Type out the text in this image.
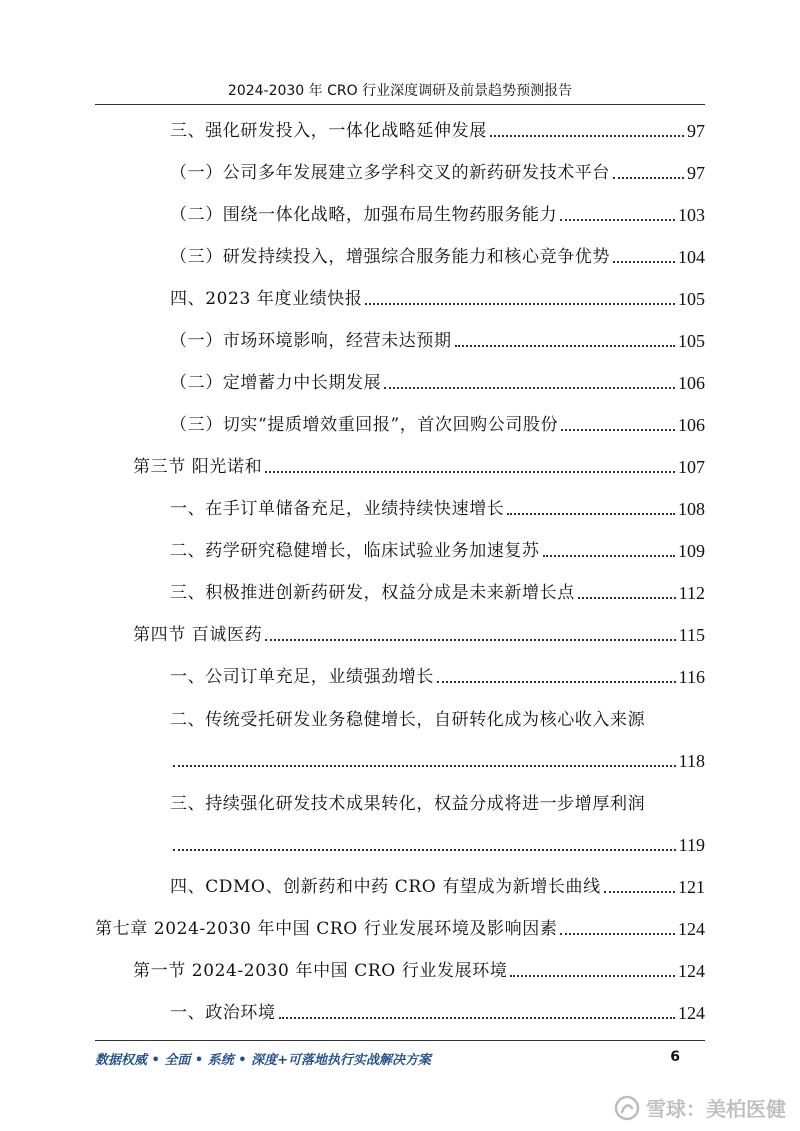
2024-2030 年 CRO 行业深度调研及前景趋势预测报告
三、强化研发投入，一体化战略延伸发展	97
（一）公司多年发展建立多学科交叉的新药研发技术平台	97
（二）围绕一体化战略，加强布局生物药服务能力	103
（三）研发持续投入，增强综合服务能力和核心竞争优势	104
四、2023 年度业绩快报	105
（一）市场环境影响，经营未达预期	105
（二）定增蓄力中长期发展	106
（三）切实“提质增效重回报”，首次回购公司股份	106
第三节 阳光诺和	107
一、在手订单储备充足，业绩持续快速增长	108
二、药学研究稳健增长，临床试验业务加速复苏	109
三、积极推进创新药研发，权益分成是未来新增长点	112
第四节 百诚医药	115
一、公司订单充足，业绩强劲增长	116
二、传统受托研发业务稳健增长，自研转化成为核心收入来源
118
三、持续强化研发技术成果转化，权益分成将进一步增厚利润
119
四、CDMO、创新药和中药 CRO 有望成为新增长曲线	121
第七章 2024-2030 年中国 CRO 行业发展环境及影响因素	124
第一节 2024-2030 年中国 CRO 行业发展环境	124
一、政治环境	124
数据权威 • 全面 • 系统 • 深度+可落地执行实战解决方案	6
雪球：美柏医健
